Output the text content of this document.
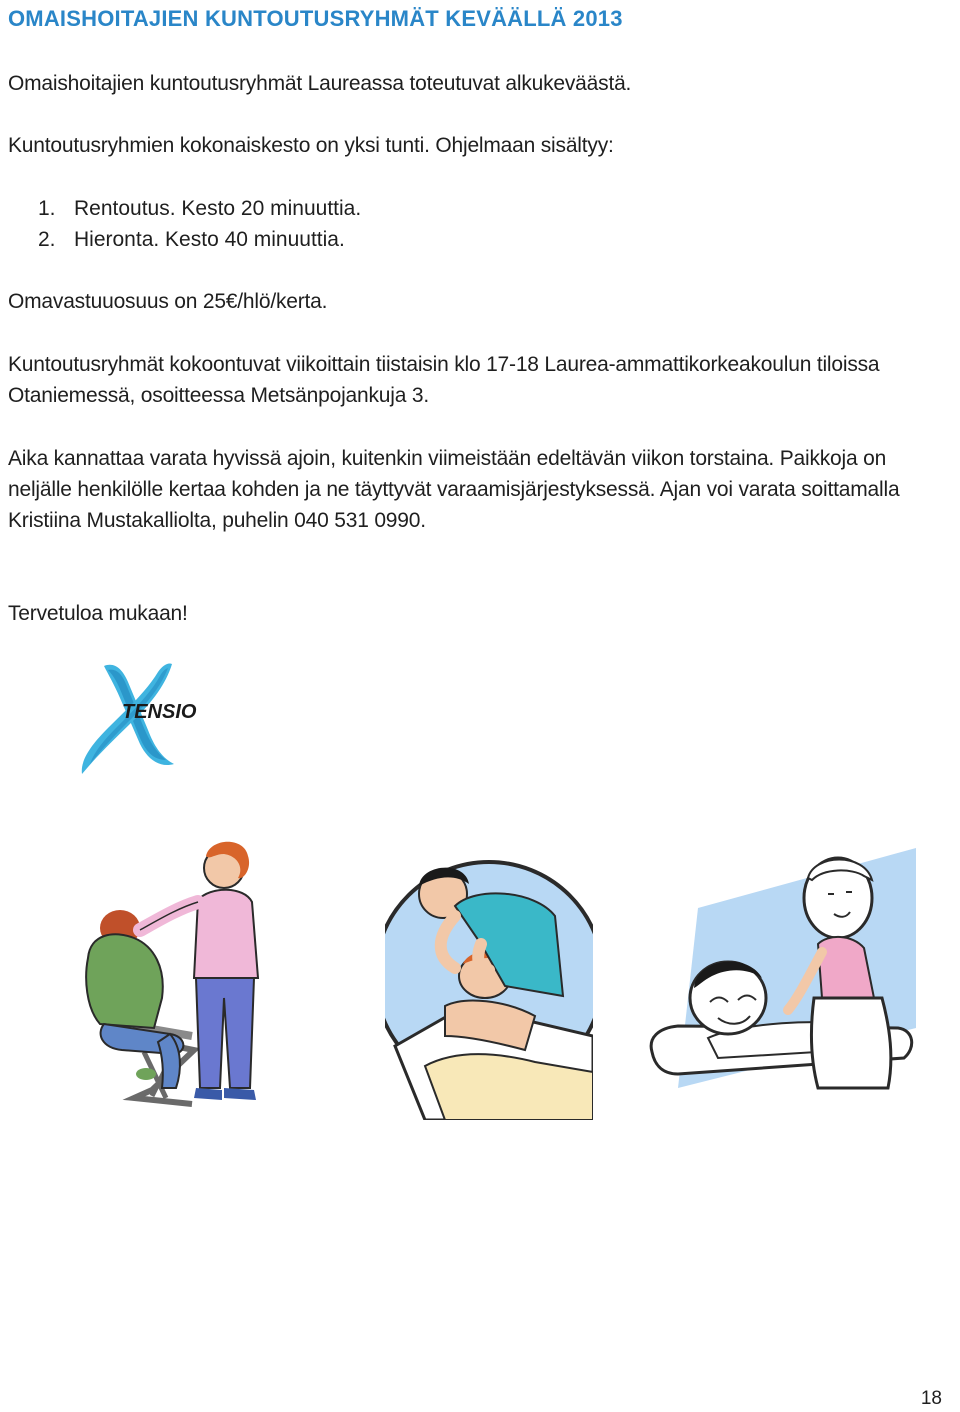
OMAISHOITAJIEN KUNTOUTUSRYHMÄT KEVÄÄLLÄ 2013
Omaishoitajien kuntoutusryhmät Laureassa toteutuvat alkukeväästä.
Kuntoutusryhmien kokonaiskesto on yksi tunti. Ohjelmaan sisältyy:
1. Rentoutus. Kesto 20 minuuttia.
2. Hieronta. Kesto 40 minuuttia.
Omavastuuosuus on 25€/hlö/kerta.
Kuntoutusryhmät kokoontuvat viikoittain tiistaisin klo 17-18 Laurea-ammattikorkeakoulun tiloissa Otaniemessä, osoitteessa Metsänpojankuja 3.
Aika kannattaa varata hyvissä ajoin, kuitenkin viimeistään edeltävän viikon torstaina. Paikkoja on neljälle henkilölle kertaa kohden ja ne täyttyvät varaamisjärjestyksessä. Ajan voi varata soittamalla Kristiina Mustakalliolta, puhelin 040 531 0990.
Tervetuloa mukaan!
TENSIO
18
